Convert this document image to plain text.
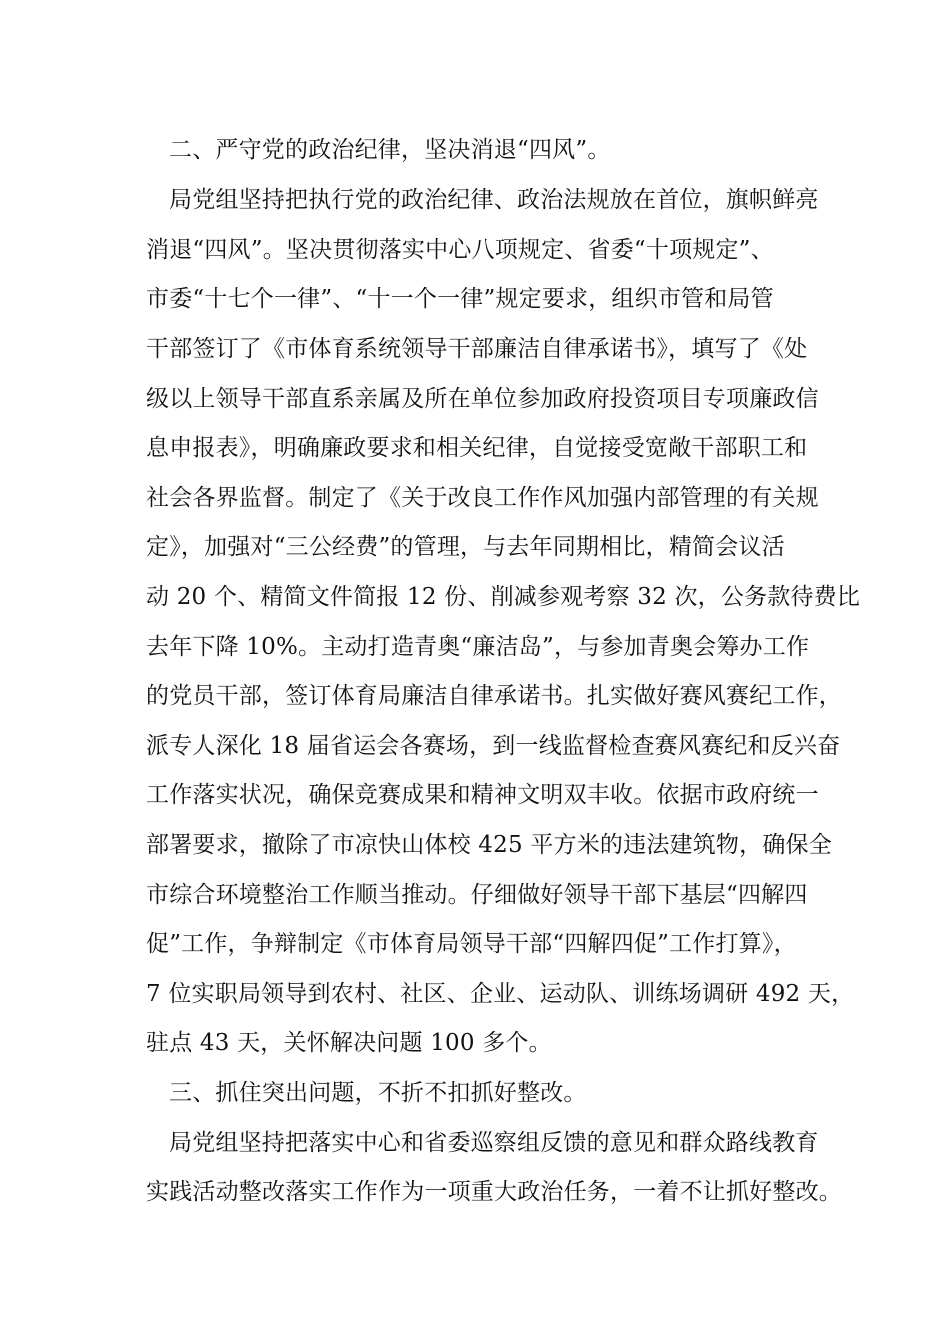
二、严守党的政治纪律，坚决消退“四风”。
局党组坚持把执行党的政治纪律、政治法规放在首位，旗帜鲜亮
消退“四风”。坚决贯彻落实中心八项规定、省委“十项规定”、
市委“十七个一律”、“十一个一律”规定要求，组织市管和局管
干部签订了《市体育系统领导干部廉洁自律承诺书》，填写了《处
级以上领导干部直系亲属及所在单位参加政府投资项目专项廉政信
息申报表》，明确廉政要求和相关纪律，自觉接受宽敞干部职工和
社会各界监督。制定了《关于改良工作作风加强内部管理的有关规
定》，加强对“三公经费”的管理，与去年同期相比，精简会议活
动 20 个、精简文件简报 12 份、削减参观考察 32 次，公务款待费比
去年下降 10%。主动打造青奥“廉洁岛”，与参加青奥会筹办工作
的党员干部，签订体育局廉洁自律承诺书。扎实做好赛风赛纪工作，
派专人深化 18 届省运会各赛场，到一线监督检查赛风赛纪和反兴奋
工作落实状况，确保竞赛成果和精神文明双丰收。依据市政府统一
部署要求，撤除了市凉快山体校 425 平方米的违法建筑物，确保全
市综合环境整治工作顺当推动。仔细做好领导干部下基层“四解四
促”工作，争辩制定《市体育局领导干部“四解四促”工作打算》，
7 位实职局领导到农村、社区、企业、运动队、训练场调研 492 天，
驻点 43 天，关怀解决问题 100 多个。
三、抓住突出问题，不折不扣抓好整改。
局党组坚持把落实中心和省委巡察组反馈的意见和群众路线教育
实践活动整改落实工作作为一项重大政治任务，一着不让抓好整改。
